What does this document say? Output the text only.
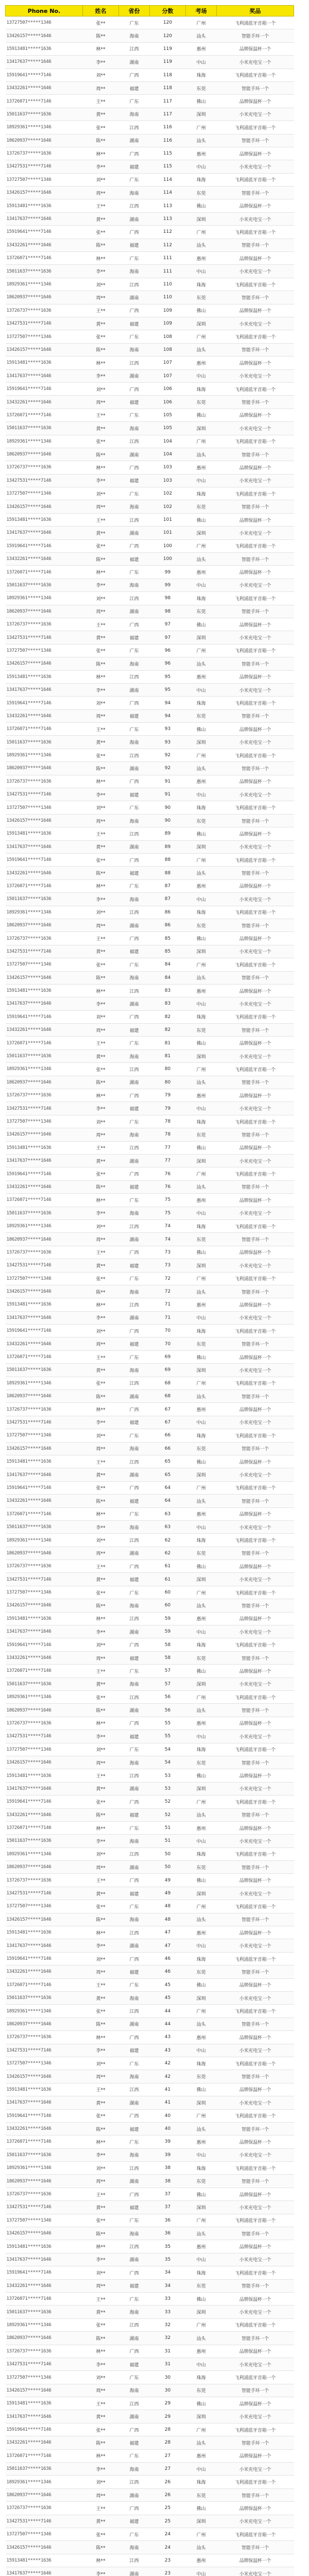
Phone No.	姓名	省份	分数	考场	奖品
13727507*****1346	张**	广东	120	广州	飞利浦蓝牙音箱一个
13426157*****1646	陈**	海南	120	汕头	智能手环一个
15913481*****1636	林**	江西	119	惠州	品牌保温杯一个
13417637*****1646	李**	湖南	119	中山	小米充电宝一个
15919641*****7146	刘**	广西	118	珠海	飞利浦蓝牙音箱一个
13432261*****1646	周**	福建	118	东莞	智能手环一个
13726071*****7146	王**	广东	117	佛山	品牌保温杯一个
15011637*****1636	黄**	海南	117	深圳	小米充电宝一个
18929361*****1346	张**	江西	116	广州	飞利浦蓝牙音箱一个
18620937*****1646	陈**	湖南	116	汕头	智能手环一个
13726737*****1636	林**	广西	115	惠州	品牌保温杯一个
13427531*****7146	李**	福建	115	中山	小米充电宝一个
13727507*****1346	刘**	广东	114	珠海	飞利浦蓝牙音箱一个
13426157*****1646	周**	海南	114	东莞	智能手环一个
15913481*****1636	王**	江西	113	佛山	品牌保温杯一个
13417637*****1646	黄**	湖南	113	深圳	小米充电宝一个
15919641*****7146	张**	广西	112	广州	飞利浦蓝牙音箱一个
13432261*****1646	陈**	福建	112	汕头	智能手环一个
13726071*****7146	林**	广东	111	惠州	品牌保温杯一个
15011637*****1636	李**	海南	111	中山	小米充电宝一个
18929361*****1346	刘**	江西	110	珠海	飞利浦蓝牙音箱一个
18620937*****1646	周**	湖南	110	东莞	智能手环一个
13726737*****1636	王**	广西	109	佛山	品牌保温杯一个
13427531*****7146	黄**	福建	109	深圳	小米充电宝一个
13727507*****1346	张**	广东	108	广州	飞利浦蓝牙音箱一个
13426157*****1646	陈**	海南	108	汕头	智能手环一个
15913481*****1636	林**	江西	107	惠州	品牌保温杯一个
13417637*****1646	李**	湖南	107	中山	小米充电宝一个
15919641*****7146	刘**	广西	106	珠海	飞利浦蓝牙音箱一个
13432261*****1646	周**	福建	106	东莞	智能手环一个
13726071*****7146	王**	广东	105	佛山	品牌保温杯一个
15011637*****1636	黄**	海南	105	深圳	小米充电宝一个
18929361*****1346	张**	江西	104	广州	飞利浦蓝牙音箱一个
18620937*****1646	陈**	湖南	104	汕头	智能手环一个
13726737*****1636	林**	广西	103	惠州	品牌保温杯一个
13427531*****7146	李**	福建	103	中山	小米充电宝一个
13727507*****1346	刘**	广东	102	珠海	飞利浦蓝牙音箱一个
13426157*****1646	周**	海南	102	东莞	智能手环一个
15913481*****1636	王**	江西	101	佛山	品牌保温杯一个
13417637*****1646	黄**	湖南	101	深圳	小米充电宝一个
15919641*****7146	张**	广西	100	广州	飞利浦蓝牙音箱一个
13432261*****1646	陈**	福建	100	汕头	智能手环一个
13726071*****7146	林**	广东	99	惠州	品牌保温杯一个
15011637*****1636	李**	海南	99	中山	小米充电宝一个
18929361*****1346	刘**	江西	98	珠海	飞利浦蓝牙音箱一个
18620937*****1646	周**	湖南	98	东莞	智能手环一个
13726737*****1636	王**	广西	97	佛山	品牌保温杯一个
13427531*****7146	黄**	福建	97	深圳	小米充电宝一个
13727507*****1346	张**	广东	96	广州	飞利浦蓝牙音箱一个
13426157*****1646	陈**	海南	96	汕头	智能手环一个
15913481*****1636	林**	江西	95	惠州	品牌保温杯一个
13417637*****1646	李**	湖南	95	中山	小米充电宝一个
15919641*****7146	刘**	广西	94	珠海	飞利浦蓝牙音箱一个
13432261*****1646	周**	福建	94	东莞	智能手环一个
13726071*****7146	王**	广东	93	佛山	品牌保温杯一个
15011637*****1636	黄**	海南	93	深圳	小米充电宝一个
18929361*****1346	张**	江西	92	广州	飞利浦蓝牙音箱一个
18620937*****1646	陈**	湖南	92	汕头	智能手环一个
13726737*****1636	林**	广西	91	惠州	品牌保温杯一个
13427531*****7146	李**	福建	91	中山	小米充电宝一个
13727507*****1346	刘**	广东	90	珠海	飞利浦蓝牙音箱一个
13426157*****1646	周**	海南	90	东莞	智能手环一个
15913481*****1636	王**	江西	89	佛山	品牌保温杯一个
13417637*****1646	黄**	湖南	89	深圳	小米充电宝一个
15919641*****7146	张**	广西	88	广州	飞利浦蓝牙音箱一个
13432261*****1646	陈**	福建	88	汕头	智能手环一个
13726071*****7146	林**	广东	87	惠州	品牌保温杯一个
15011637*****1636	李**	海南	87	中山	小米充电宝一个
18929361*****1346	刘**	江西	86	珠海	飞利浦蓝牙音箱一个
18620937*****1646	周**	湖南	86	东莞	智能手环一个
13726737*****1636	王**	广西	85	佛山	品牌保温杯一个
13427531*****7146	黄**	福建	85	深圳	小米充电宝一个
13727507*****1346	张**	广东	84	广州	飞利浦蓝牙音箱一个
13426157*****1646	陈**	海南	84	汕头	智能手环一个
15913481*****1636	林**	江西	83	惠州	品牌保温杯一个
13417637*****1646	李**	湖南	83	中山	小米充电宝一个
15919641*****7146	刘**	广西	82	珠海	飞利浦蓝牙音箱一个
13432261*****1646	周**	福建	82	东莞	智能手环一个
13726071*****7146	王**	广东	81	佛山	品牌保温杯一个
15011637*****1636	黄**	海南	81	深圳	小米充电宝一个
18929361*****1346	张**	江西	80	广州	飞利浦蓝牙音箱一个
18620937*****1646	陈**	湖南	80	汕头	智能手环一个
13726737*****1636	林**	广西	79	惠州	品牌保温杯一个
13427531*****7146	李**	福建	79	中山	小米充电宝一个
13727507*****1346	刘**	广东	78	珠海	飞利浦蓝牙音箱一个
13426157*****1646	周**	海南	78	东莞	智能手环一个
15913481*****1636	王**	江西	77	佛山	品牌保温杯一个
13417637*****1646	黄**	湖南	77	深圳	小米充电宝一个
15919641*****7146	张**	广西	76	广州	飞利浦蓝牙音箱一个
13432261*****1646	陈**	福建	76	汕头	智能手环一个
13726071*****7146	林**	广东	75	惠州	品牌保温杯一个
15011637*****1636	李**	海南	75	中山	小米充电宝一个
18929361*****1346	刘**	江西	74	珠海	飞利浦蓝牙音箱一个
18620937*****1646	周**	湖南	74	东莞	智能手环一个
13726737*****1636	王**	广西	73	佛山	品牌保温杯一个
13427531*****7146	黄**	福建	73	深圳	小米充电宝一个
13727507*****1346	张**	广东	72	广州	飞利浦蓝牙音箱一个
13426157*****1646	陈**	海南	72	汕头	智能手环一个
15913481*****1636	林**	江西	71	惠州	品牌保温杯一个
13417637*****1646	李**	湖南	71	中山	小米充电宝一个
15919641*****7146	刘**	广西	70	珠海	飞利浦蓝牙音箱一个
13432261*****1646	周**	福建	70	东莞	智能手环一个
13726071*****7146	王**	广东	69	佛山	品牌保温杯一个
15011637*****1636	黄**	海南	69	深圳	小米充电宝一个
18929361*****1346	张**	江西	68	广州	飞利浦蓝牙音箱一个
18620937*****1646	陈**	湖南	68	汕头	智能手环一个
13726737*****1636	林**	广西	67	惠州	品牌保温杯一个
13427531*****7146	李**	福建	67	中山	小米充电宝一个
13727507*****1346	刘**	广东	66	珠海	飞利浦蓝牙音箱一个
13426157*****1646	周**	海南	66	东莞	智能手环一个
15913481*****1636	王**	江西	65	佛山	品牌保温杯一个
13417637*****1646	黄**	湖南	65	深圳	小米充电宝一个
15919641*****7146	张**	广西	64	广州	飞利浦蓝牙音箱一个
13432261*****1646	陈**	福建	64	汕头	智能手环一个
13726071*****7146	林**	广东	63	惠州	品牌保温杯一个
15011637*****1636	李**	海南	63	中山	小米充电宝一个
18929361*****1346	刘**	江西	62	珠海	飞利浦蓝牙音箱一个
18620937*****1646	周**	湖南	62	东莞	智能手环一个
13726737*****1636	王**	广西	61	佛山	品牌保温杯一个
13427531*****7146	黄**	福建	61	深圳	小米充电宝一个
13727507*****1346	张**	广东	60	广州	飞利浦蓝牙音箱一个
13426157*****1646	陈**	海南	60	汕头	智能手环一个
15913481*****1636	林**	江西	59	惠州	品牌保温杯一个
13417637*****1646	李**	湖南	59	中山	小米充电宝一个
15919641*****7146	刘**	广西	58	珠海	飞利浦蓝牙音箱一个
13432261*****1646	周**	福建	58	东莞	智能手环一个
13726071*****7146	王**	广东	57	佛山	品牌保温杯一个
15011637*****1636	黄**	海南	57	深圳	小米充电宝一个
18929361*****1346	张**	江西	56	广州	飞利浦蓝牙音箱一个
18620937*****1646	陈**	湖南	56	汕头	智能手环一个
13726737*****1636	林**	广西	55	惠州	品牌保温杯一个
13427531*****7146	李**	福建	55	中山	小米充电宝一个
13727507*****1346	刘**	广东	54	珠海	飞利浦蓝牙音箱一个
13426157*****1646	周**	海南	54	东莞	智能手环一个
15913481*****1636	王**	江西	53	佛山	品牌保温杯一个
13417637*****1646	黄**	湖南	53	深圳	小米充电宝一个
15919641*****7146	张**	广西	52	广州	飞利浦蓝牙音箱一个
13432261*****1646	陈**	福建	52	汕头	智能手环一个
13726071*****7146	林**	广东	51	惠州	品牌保温杯一个
15011637*****1636	李**	海南	51	中山	小米充电宝一个
18929361*****1346	刘**	江西	50	珠海	飞利浦蓝牙音箱一个
18620937*****1646	周**	湖南	50	东莞	智能手环一个
13726737*****1636	王**	广西	49	佛山	品牌保温杯一个
13427531*****7146	黄**	福建	49	深圳	小米充电宝一个
13727507*****1346	张**	广东	48	广州	飞利浦蓝牙音箱一个
13426157*****1646	陈**	海南	48	汕头	智能手环一个
15913481*****1636	林**	江西	47	惠州	品牌保温杯一个
13417637*****1646	李**	湖南	47	中山	小米充电宝一个
15919641*****7146	刘**	广西	46	珠海	飞利浦蓝牙音箱一个
13432261*****1646	周**	福建	46	东莞	智能手环一个
13726071*****7146	王**	广东	45	佛山	品牌保温杯一个
15011637*****1636	黄**	海南	45	深圳	小米充电宝一个
18929361*****1346	张**	江西	44	广州	飞利浦蓝牙音箱一个
18620937*****1646	陈**	湖南	44	汕头	智能手环一个
13726737*****1636	林**	广西	43	惠州	品牌保温杯一个
13427531*****7146	李**	福建	43	中山	小米充电宝一个
13727507*****1346	刘**	广东	42	珠海	飞利浦蓝牙音箱一个
13426157*****1646	周**	海南	42	东莞	智能手环一个
15913481*****1636	王**	江西	41	佛山	品牌保温杯一个
13417637*****1646	黄**	湖南	41	深圳	小米充电宝一个
15919641*****7146	张**	广西	40	广州	飞利浦蓝牙音箱一个
13432261*****1646	陈**	福建	40	汕头	智能手环一个
13726071*****7146	林**	广东	39	惠州	品牌保温杯一个
15011637*****1636	李**	海南	39	中山	小米充电宝一个
18929361*****1346	刘**	江西	38	珠海	飞利浦蓝牙音箱一个
18620937*****1646	周**	湖南	38	东莞	智能手环一个
13726737*****1636	王**	广西	37	佛山	品牌保温杯一个
13427531*****7146	黄**	福建	37	深圳	小米充电宝一个
13727507*****1346	张**	广东	36	广州	飞利浦蓝牙音箱一个
13426157*****1646	陈**	海南	36	汕头	智能手环一个
15913481*****1636	林**	江西	35	惠州	品牌保温杯一个
13417637*****1646	李**	湖南	35	中山	小米充电宝一个
15919641*****7146	刘**	广西	34	珠海	飞利浦蓝牙音箱一个
13432261*****1646	周**	福建	34	东莞	智能手环一个
13726071*****7146	王**	广东	33	佛山	品牌保温杯一个
15011637*****1636	黄**	海南	33	深圳	小米充电宝一个
18929361*****1346	张**	江西	32	广州	飞利浦蓝牙音箱一个
18620937*****1646	陈**	湖南	32	汕头	智能手环一个
13726737*****1636	林**	广西	31	惠州	品牌保温杯一个
13427531*****7146	李**	福建	31	中山	小米充电宝一个
13727507*****1346	刘**	广东	30	珠海	飞利浦蓝牙音箱一个
13426157*****1646	周**	海南	30	东莞	智能手环一个
15913481*****1636	王**	江西	29	佛山	品牌保温杯一个
13417637*****1646	黄**	湖南	29	深圳	小米充电宝一个
15919641*****7146	张**	广西	28	广州	飞利浦蓝牙音箱一个
13432261*****1646	陈**	福建	28	汕头	智能手环一个
13726071*****7146	林**	广东	27	惠州	品牌保温杯一个
15011637*****1636	李**	海南	27	中山	小米充电宝一个
18929361*****1346	刘**	江西	26	珠海	飞利浦蓝牙音箱一个
18620937*****1646	周**	湖南	26	东莞	智能手环一个
13726737*****1636	王**	广西	25	佛山	品牌保温杯一个
13427531*****7146	黄**	福建	25	深圳	小米充电宝一个
13727507*****1346	张**	广东	24	广州	飞利浦蓝牙音箱一个
13426157*****1646	陈**	海南	24	汕头	智能手环一个
15913481*****1636	林**	江西	23	惠州	品牌保温杯一个
13417637*****1646	李**	湖南	23	中山	小米充电宝一个
